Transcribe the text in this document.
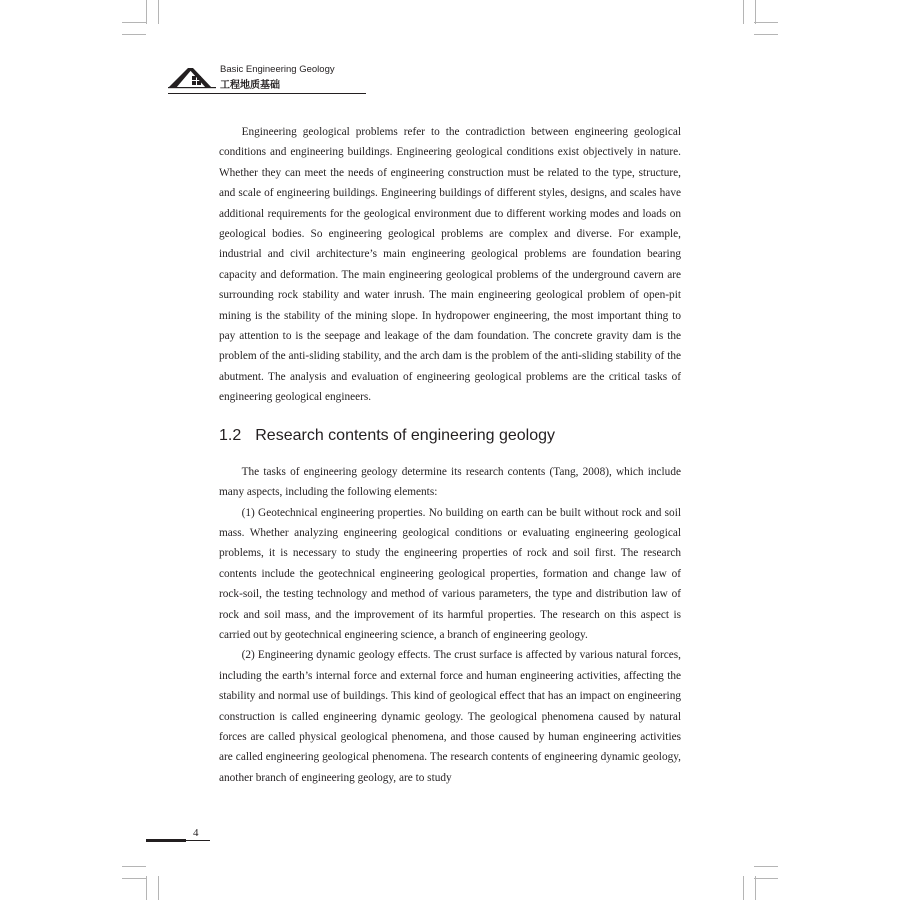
Basic Engineering Geology
工程地质基础

Engineering geological problems refer to the contradiction between engineering geological conditions and engineering buildings. Engineering geological conditions exist objectively in nature. Whether they can meet the needs of engineering construction must be related to the type, structure, and scale of engineering buildings. Engineering buildings of different styles, designs, and scales have additional requirements for the geological environment due to different working modes and loads on geological bodies. So engineering geological problems are complex and diverse. For example, industrial and civil architecture’s main engineering geological problems are foundation bearing capacity and deformation. The main engineering geological problems of the underground cavern are surrounding rock stability and water inrush. The main engineering geological problem of open-pit mining is the stability of the mining slope. In hydropower engineering, the most important thing to pay attention to is the seepage and leakage of the dam foundation. The concrete gravity dam is the problem of the anti-sliding stability, and the arch dam is the problem of the anti-sliding stability of the abutment. The analysis and evaluation of engineering geological problems are the critical tasks of engineering geological engineers.

1.2 Research contents of engineering geology

The tasks of engineering geology determine its research contents (Tang, 2008), which include many aspects, including the following elements:

(1) Geotechnical engineering properties. No building on earth can be built without rock and soil mass. Whether analyzing engineering geological conditions or evaluating engineering geological problems, it is necessary to study the engineering properties of rock and soil first. The research contents include the geotechnical engineering geological properties, formation and change law of rock-soil, the testing technology and method of various parameters, the type and distribution law of rock and soil mass, and the improvement of its harmful properties. The research on this aspect is carried out by geotechnical engineering science, a branch of engineering geology.

(2) Engineering dynamic geology effects. The crust surface is affected by various natural forces, including the earth’s internal force and external force and human engineering activities, affecting the stability and normal use of buildings. This kind of geological effect that has an impact on engineering construction is called engineering dynamic geology. The geological phenomena caused by natural forces are called physical geological phenomena, and those caused by human engineering activities are called engineering geological phenomena. The research contents of engineering dynamic geology, another branch of engineering geology, are to study

4
